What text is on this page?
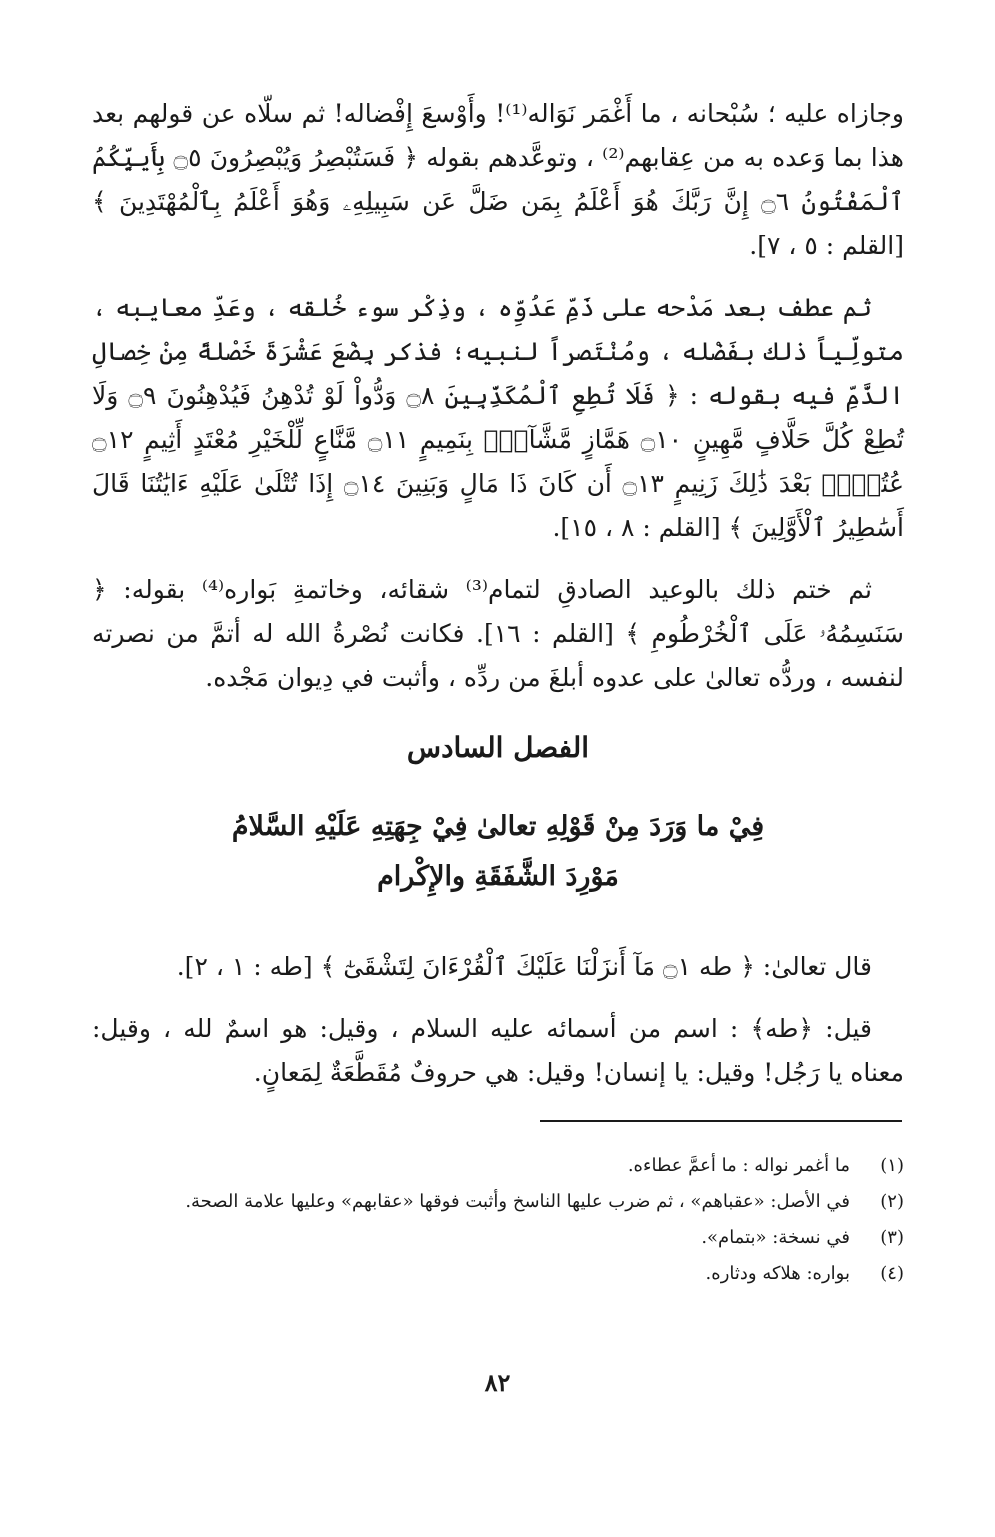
وجازاه عليه ؛ سُبْحانه ، ما أَغْمَر نَوَاله⁽¹⁾! وأَوْسعَ إِفْضاله! ثم سلّاه عن قولهم بعد هذا بما وَعده به من عِقابهم⁽²⁾ ، وتوعَّدهم بقوله ﴿ فَسَتُبْصِرُ وَيُبْصِرُونَ ۝٥ بِأَييِّكُمُ ٱلْمَفْتُونُ ۝٦ إِنَّ رَبَّكَ هُوَ أَعْلَمُ بِمَن ضَلَّ عَن سَبِيلِهِۦ وَهُوَ أَعْلَمُ بِٱلْمُهْتَدِينَ ﴾ [القلم : ٥ ، ٧].

ثم عطف بعد مَدْحه على ذَمِّ عَدُوِّه ، وذِكْر سوء خُلقه ، وعَدِّ معايبه ، متولِّياً ذلك بفَضْله ، ومُنْتَصراً لنبيه؛ فذكر بِضْعَ عَشْرَةَ خَصْلةً مِنْ خِصالِ الذَّمِّ فيه بقوله : ﴿ فَلَا تُطِعِ ٱلْمُكَذِّبِينَ ۝٨ وَدُّواْ لَوْ تُدْهِنُ فَيُدْهِنُونَ ۝٩ وَلَا تُطِعْ كُلَّ حَلَّافٍ مَّهِينٍ ۝١٠ هَمَّازٍ مَّشَّآءِۭ بِنَمِيمٍ ۝١١ مَّنَّاعٍ لِّلْخَيْرِ مُعْتَدٍ أَثِيمٍ ۝١٢ عُتُلٍّۭ بَعْدَ ذَٰلِكَ زَنِيمٍ ۝١٣ أَن كَانَ ذَا مَالٍ وَبَنِينَ ۝١٤ إِذَا تُتْلَىٰ عَلَيْهِ ءَايَٰتُنَا قَالَ أَسَٰطِيرُ ٱلْأَوَّلِينَ ﴾ [القلم : ٨ ، ١٥].

ثم ختم ذلك بالوعيد الصادقِ لتمام⁽³⁾ شقائه، وخاتمةِ بَواره⁽⁴⁾ بقوله: ﴿ سَنَسِمُهُۥ عَلَى ٱلْخُرْطُومِ ﴾ [القلم : ١٦]. فكانت نُصْرةُ الله له أتمَّ من نصرته لنفسه ، وردُّه تعالىٰ على عدوه أبلغَ من ردِّه ، وأثبت في دِيوان مَجْده.

الفصل السادس
فِيْ ما وَرَدَ مِنْ قَوْلِهِ تعالىٰ فِيْ جِهَتِهِ عَلَيْهِ السَّلامُ
مَوْرِدَ الشَّفَقَةِ والإِكْرام

قال تعالىٰ: ﴿ طه ۝١ مَآ أَنزَلْنَا عَلَيْكَ ٱلْقُرْءَانَ لِتَشْقَىٰٓ ﴾ [طه : ١ ، ٢].

قيل: ﴿طه﴾ : اسم من أسمائه عليه السلام ، وقيل: هو اسمٌ لله ، وقيل: معناه يا رَجُل! وقيل: يا إنسان! وقيل: هي حروفٌ مُقَطَّعَةٌ لِمَعانٍ.

(١)
ما أغمر نواله : ما أعمَّ عطاءه.
(٢)
في الأصل: «عقباهم» ، ثم ضرب عليها الناسخ وأثبت فوقها «عقابهم» وعليها علامة الصحة.
(٣)
في نسخة: «بتمام».
(٤)
بواره: هلاكه ودثاره.
٨٢
